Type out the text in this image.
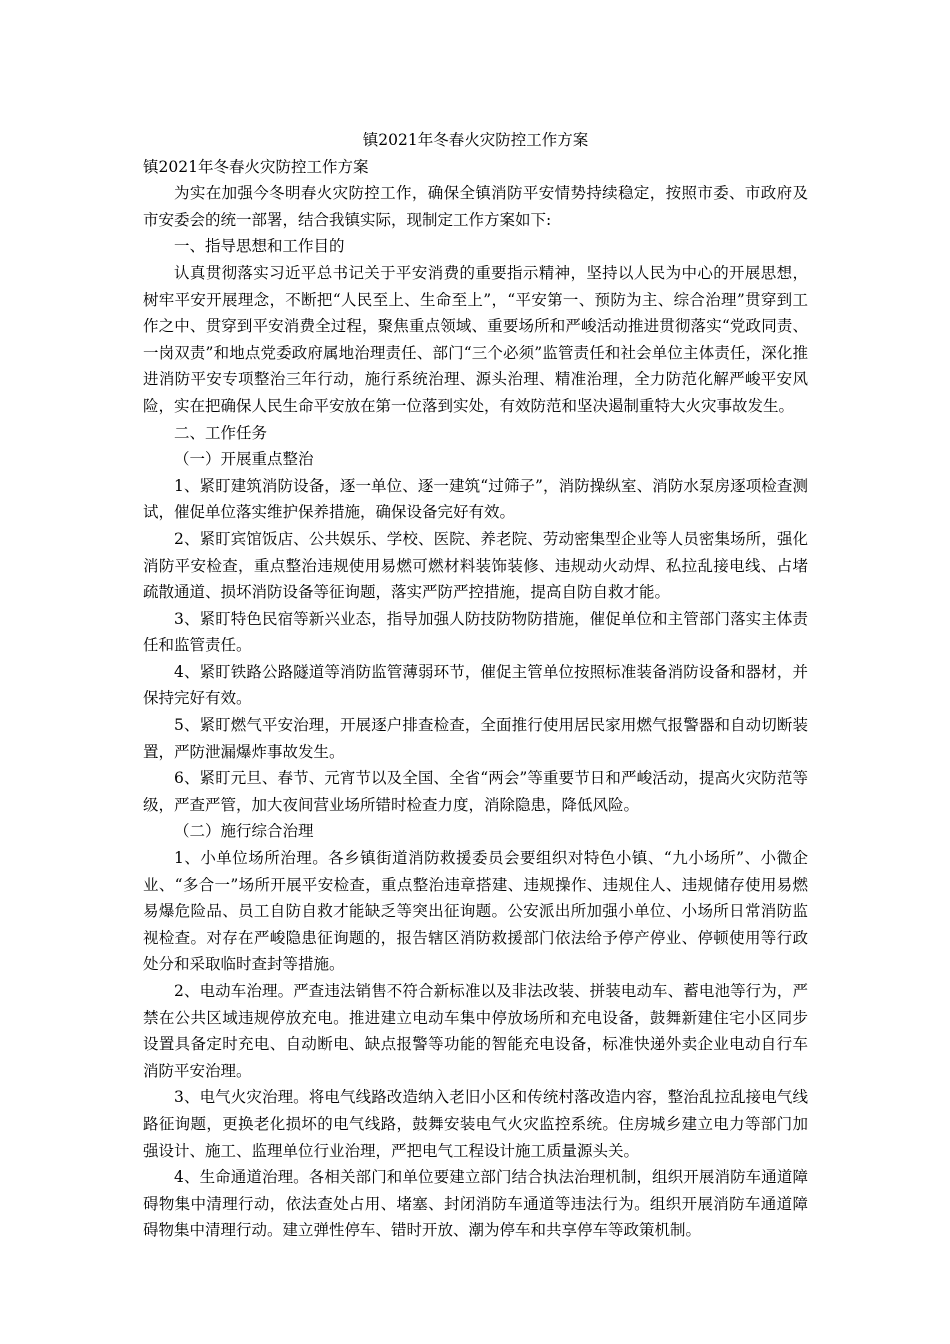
镇2021年冬春火灾防控工作方案

镇2021年冬春火灾防控工作方案

为实在加强今冬明春火灾防控工作，确保全镇消防平安情势持续稳定，按照市委、市政府及市安委会的统一部署，结合我镇实际，现制定工作方案如下:

一、指导思想和工作目的

认真贯彻落实习近平总书记关于平安消费的重要指示精神，坚持以人民为中心的开展思想，树牢平安开展理念，不断把“人民至上、生命至上”，“平安第一、预防为主、综合治理”贯穿到工作之中、贯穿到平安消费全过程，聚焦重点领域、重要场所和严峻活动推进贯彻落实“党政同责、一岗双责”和地点党委政府属地治理责任、部门“三个必须”监管责任和社会单位主体责任，深化推进消防平安专项整治三年行动，施行系统治理、源头治理、精准治理，全力防范化解严峻平安风险，实在把确保人民生命平安放在第一位落到实处，有效防范和坚决遏制重特大火灾事故发生。

二、工作任务

（一）开展重点整治

1、紧盯建筑消防设备，逐一单位、逐一建筑“过筛子”，消防操纵室、消防水泵房逐项检查测试，催促单位落实维护保养措施，确保设备完好有效。

2、紧盯宾馆饭店、公共娱乐、学校、医院、养老院、劳动密集型企业等人员密集场所，强化消防平安检查，重点整治违规使用易燃可燃材料装饰装修、违规动火动焊、私拉乱接电线、占堵疏散通道、损坏消防设备等征询题，落实严防严控措施，提高自防自救才能。

3、紧盯特色民宿等新兴业态，指导加强人防技防物防措施，催促单位和主管部门落实主体责任和监管责任。

4、紧盯铁路公路隧道等消防监管薄弱环节，催促主管单位按照标准装备消防设备和器材，并保持完好有效。

5、紧盯燃气平安治理，开展逐户排查检查，全面推行使用居民家用燃气报警器和自动切断装置，严防泄漏爆炸事故发生。

6、紧盯元旦、春节、元宵节以及全国、全省“两会”等重要节日和严峻活动，提高火灾防范等级，严查严管，加大夜间营业场所错时检查力度，消除隐患，降低风险。

（二）施行综合治理

1、小单位场所治理。各乡镇街道消防救援委员会要组织对特色小镇、“九小场所”、小微企业、“多合一”场所开展平安检查，重点整治违章搭建、违规操作、违规住人、违规储存使用易燃易爆危险品、员工自防自救才能缺乏等突出征询题。公安派出所加强小单位、小场所日常消防监视检查。对存在严峻隐患征询题的，报告辖区消防救援部门依法给予停产停业、停顿使用等行政处分和采取临时查封等措施。

2、电动车治理。严查违法销售不符合新标准以及非法改装、拼装电动车、蓄电池等行为，严禁在公共区域违规停放充电。推进建立电动车集中停放场所和充电设备，鼓舞新建住宅小区同步设置具备定时充电、自动断电、缺点报警等功能的智能充电设备，标准快递外卖企业电动自行车消防平安治理。

3、电气火灾治理。将电气线路改造纳入老旧小区和传统村落改造内容，整治乱拉乱接电气线路征询题，更换老化损坏的电气线路，鼓舞安装电气火灾监控系统。住房城乡建立电力等部门加强设计、施工、监理单位行业治理，严把电气工程设计施工质量源头关。

4、生命通道治理。各相关部门和单位要建立部门结合执法治理机制，组织开展消防车通道障碍物集中清理行动，依法查处占用、堵塞、封闭消防车通道等违法行为。组织开展消防车通道障碍物集中清理行动。建立弹性停车、错时开放、潮为停车和共享停车等政策机制。
